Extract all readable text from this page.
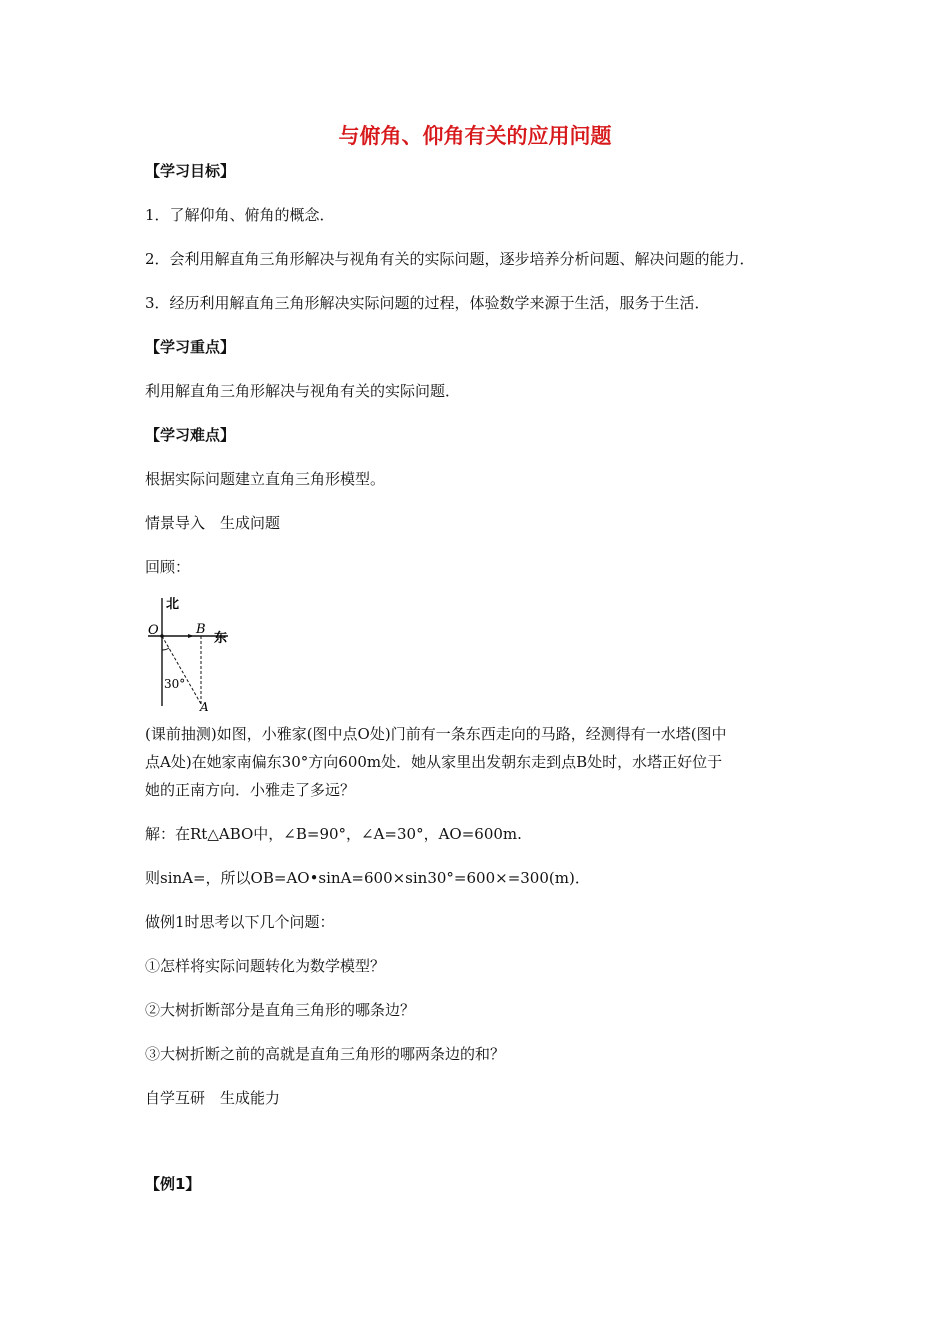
与俯角、仰角有关的应用问题
【学习目标】
1．了解仰角、俯角的概念．
2．会利用解直角三角形解决与视角有关的实际问题，逐步培养分析问题、解决问题的能力．
3．经历利用解直角三角形解决实际问题的过程，体验数学来源于生活，服务于生活．
【学习重点】
利用解直角三角形解决与视角有关的实际问题．
【学习难点】
根据实际问题建立直角三角形模型。
情景导入　生成问题
回顾：
北
东
O	B
A
30°
(课前抽测)如图，小雅家(图中点O处)门前有一条东西走向的马路，经测得有一水塔(图中
点A处)在她家南偏东30°方向600m处．她从家里出发朝东走到点B处时，水塔正好位于
她的正南方向．小雅走了多远？
解：在Rt△ABO中，∠B=90°，∠A=30°，AO=600m.
则sinA=，所以OB=AO•sinA=600×sin30°=600×=300(m)．
做例1时思考以下几个问题：
①怎样将实际问题转化为数学模型？
②大树折断部分是直角三角形的哪条边？
③大树折断之前的高就是直角三角形的哪两条边的和？
自学互研　生成能力
【例1】
